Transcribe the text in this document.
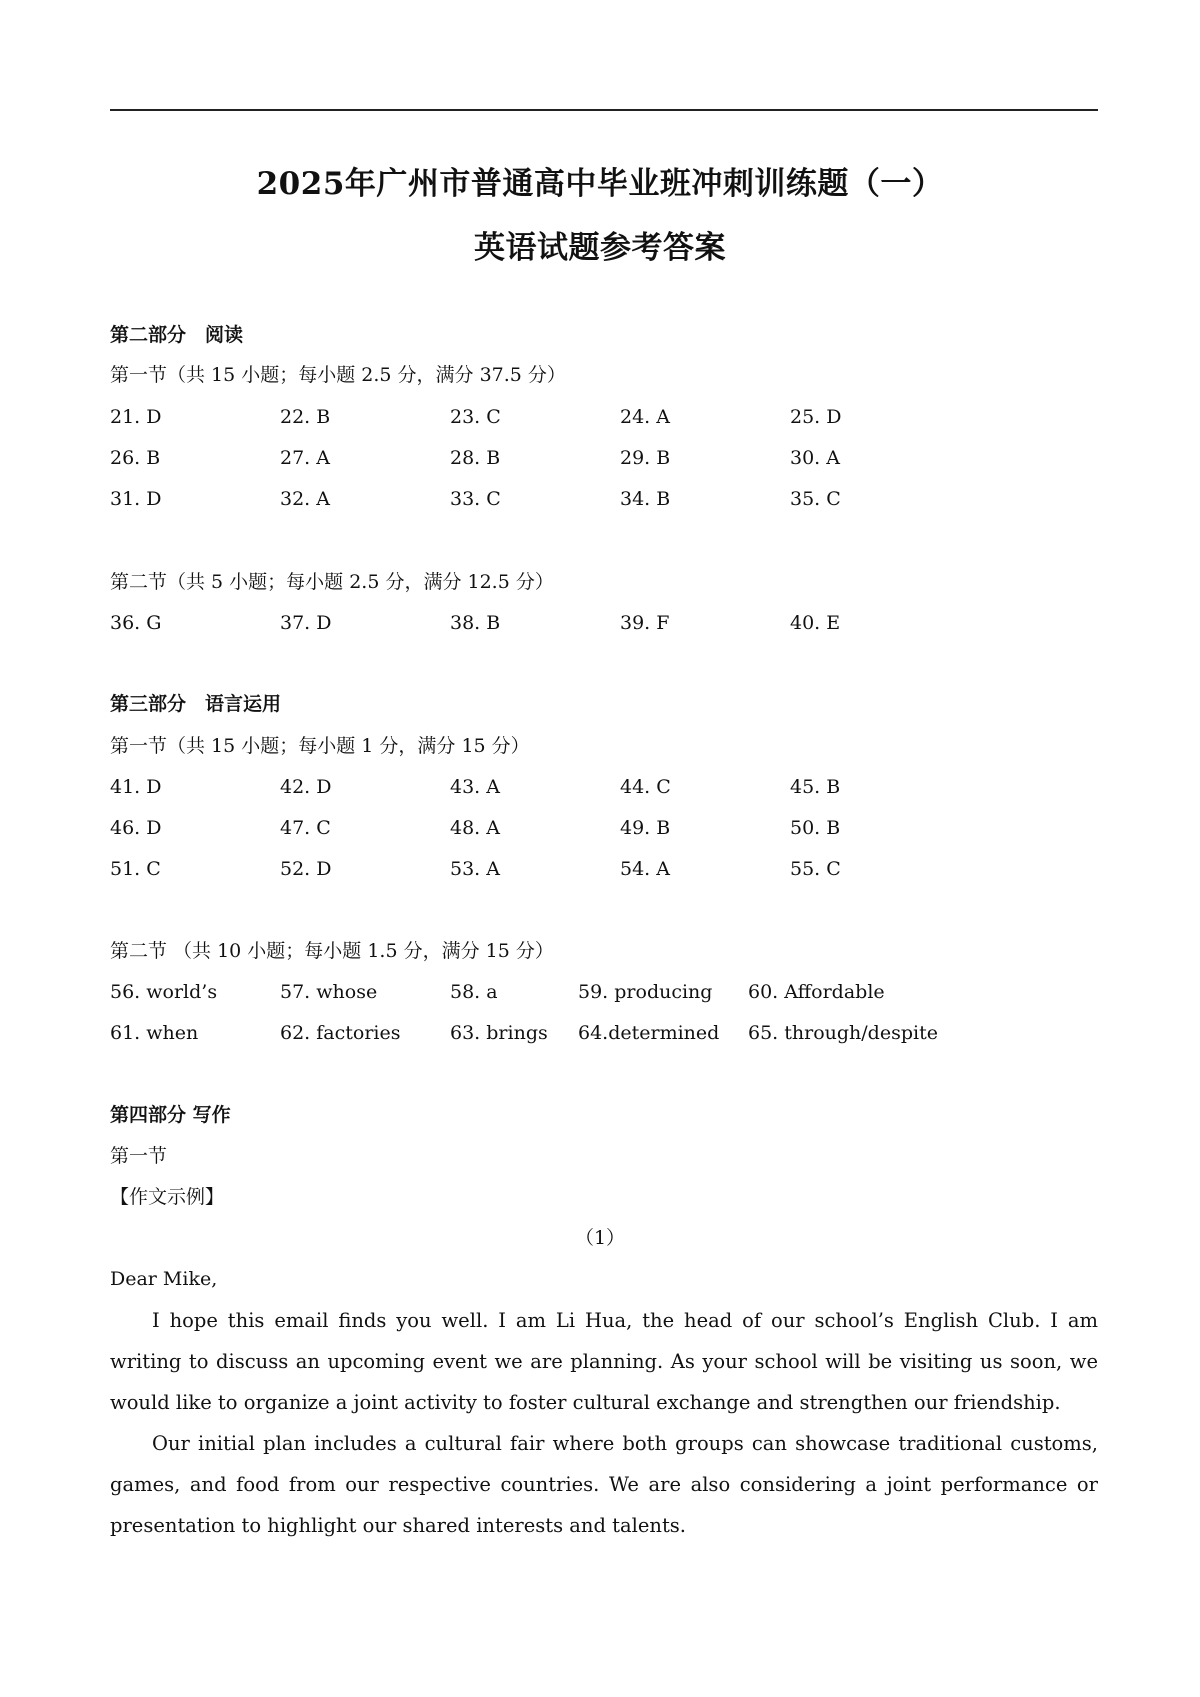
2025年广州市普通高中毕业班冲刺训练题（一）
英语试题参考答案
第二部分　阅读
第一节（共 15 小题；每小题 2.5 分，满分 37.5 分）
21. D	22. B	23. C	24. A	25. D
26. B	27. A	28. B	29. B	30. A
31. D	32. A	33. C	34. B	35. C
第二节（共 5 小题；每小题 2.5 分，满分 12.5 分）
36. G	37. D	38. B	39. F	40. E
第三部分　语言运用
第一节（共 15 小题；每小题 1 分，满分 15 分）
41. D	42. D	43. A	44. C	45. B
46. D	47. C	48. A	49. B	50. B
51. C	52. D	53. A	54. A	55. C
第二节 （共 10 小题；每小题 1.5 分，满分 15 分）
56. world’s	57. whose	58. a	59. producing 60. Affordable
61. when	62. factories	63. brings 64.determined 65. through/despite
第四部分 写作
第一节
【作文示例】
（1）
Dear Mike,
I hope this email finds you well. I am Li Hua, the head of our school’s English Club. I am writing to discuss an upcoming event we are planning. As your school will be visiting us soon, we would like to organize a joint activity to foster cultural exchange and strengthen our friendship.
Our initial plan includes a cultural fair where both groups can showcase traditional customs, games, and food from our respective countries. We are also considering a joint performance or presentation to highlight our shared interests and talents.
